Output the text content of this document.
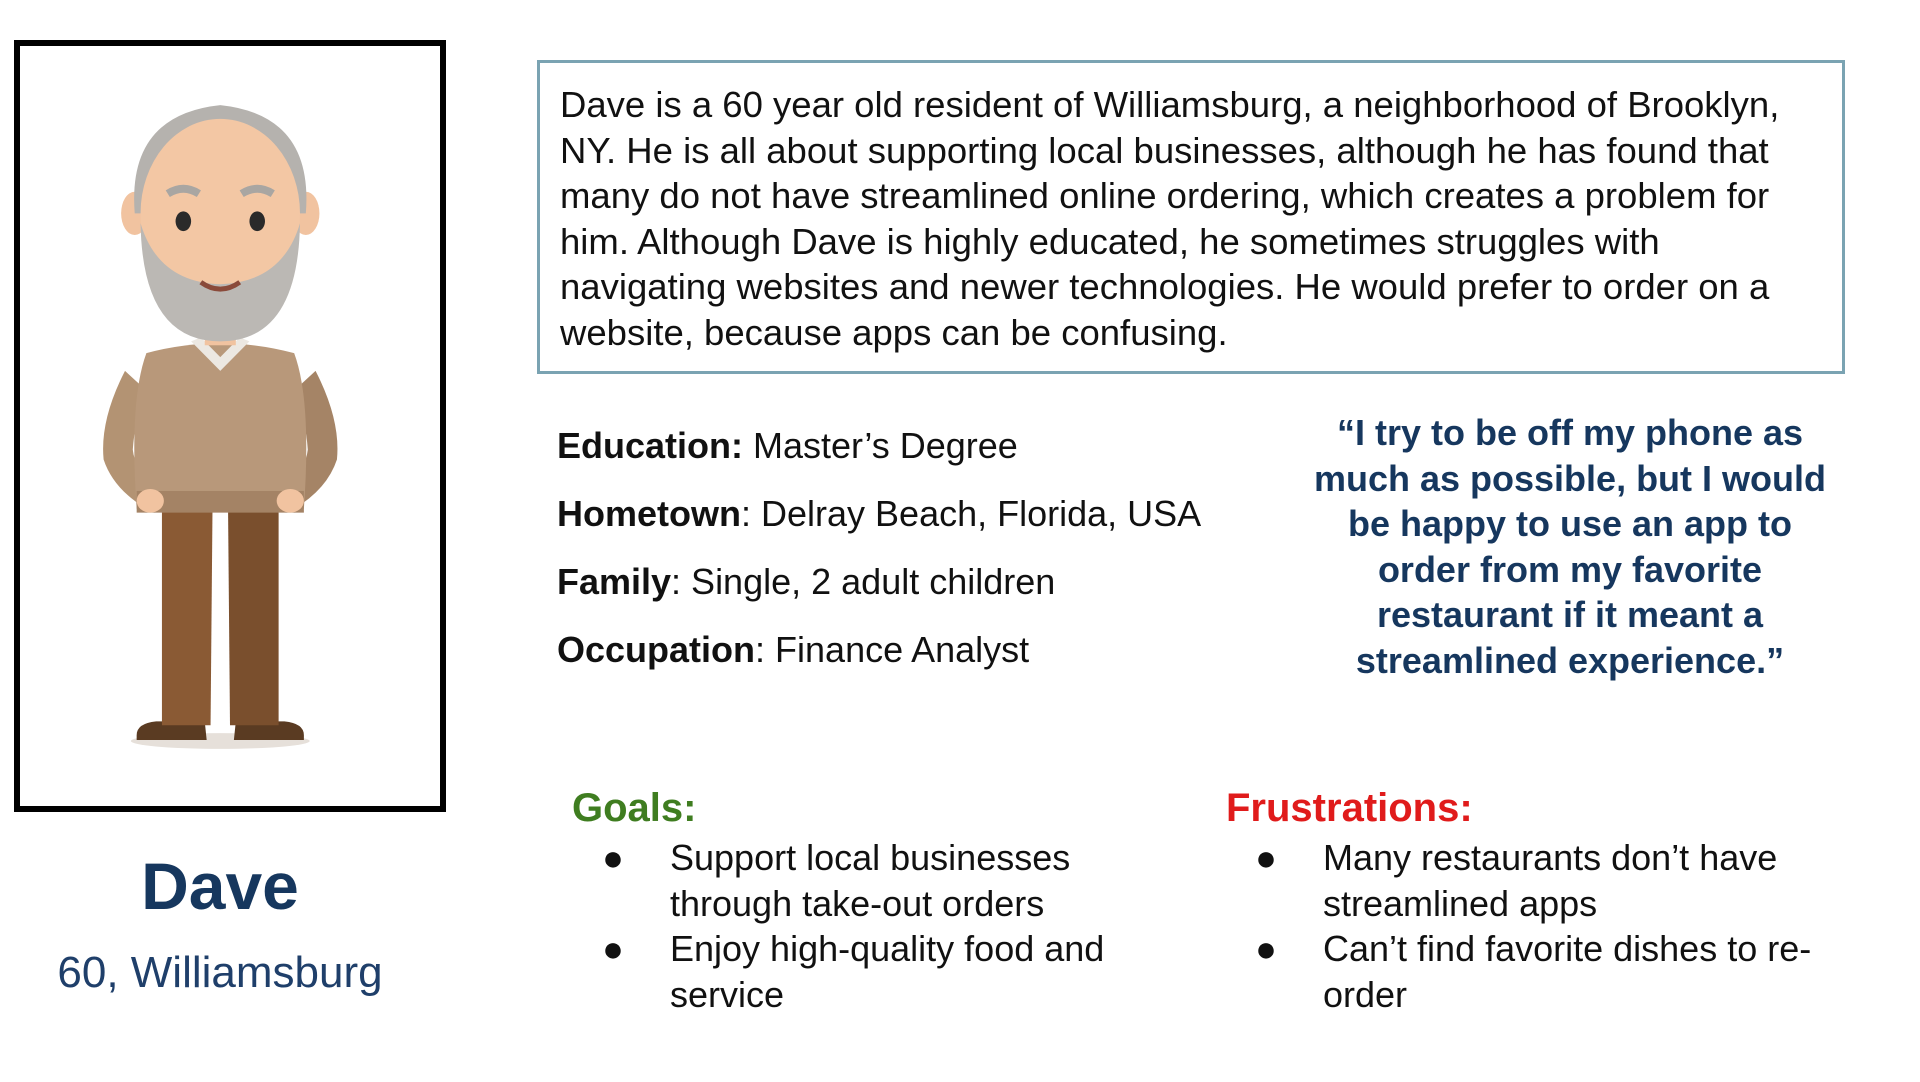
Dave
60, Williamsburg
Dave is a 60 year old resident of Williamsburg, a neighborhood of Brooklyn, NY. He is all about supporting local businesses, although he has found that many do not have streamlined online ordering, which creates a problem for him. Although Dave is highly educated, he sometimes struggles with navigating websites and newer technologies. He would prefer to order on a website, because apps can be confusing.
Education: Master’s Degree
Hometown: Delray Beach, Florida, USA
Family: Single, 2 adult children
Occupation: Finance Analyst
“I try to be off my phone as much as possible, but I would be happy to use an app to order from my favorite restaurant if it meant a streamlined experience.”
Goals:
● Support local businesses through take-out orders
● Enjoy high-quality food and service
Frustrations:
● Many restaurants don’t have streamlined apps
● Can’t find favorite dishes to re-order
